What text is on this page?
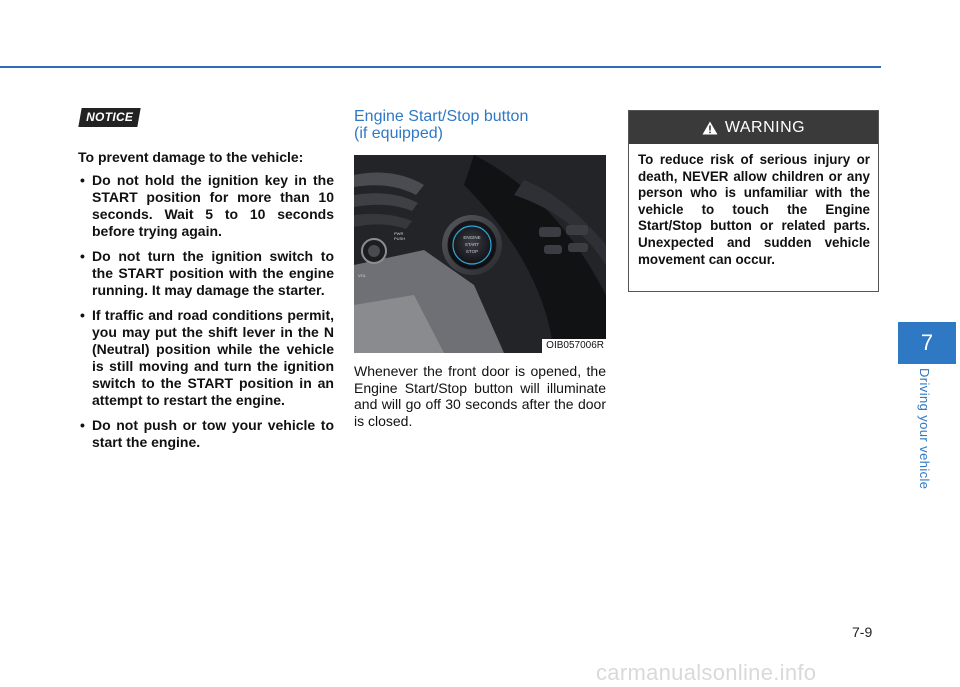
NOTICE

To prevent damage to the vehicle:

• Do not hold the ignition key in the START position for more than 10 seconds. Wait 5 to 10 seconds before trying again.
• Do not turn the ignition switch to the START position with the engine running. It may damage the starter.
• If traffic and road conditions permit, you may put the shift lever in the N (Neutral) position while the vehicle is still moving and turn the ignition switch to the START position in an attempt to restart the engine.
• Do not push or tow your vehicle to start the engine.
Engine Start/Stop button
(if equipped)
ENGINE
START
STOP
PWR
PUSH
VOL
OIB057006R

Whenever the front door is opened, the Engine Start/Stop button will illuminate and will go off 30 seconds after the door is closed.

WARNING

To reduce risk of serious injury or death, NEVER allow children or any person who is unfamiliar with the vehicle to touch the Engine Start/Stop button or related parts. Unexpected and sudden vehicle movement can occur.

7
Driving your vehicle
7-9
carmanualsonline.info
